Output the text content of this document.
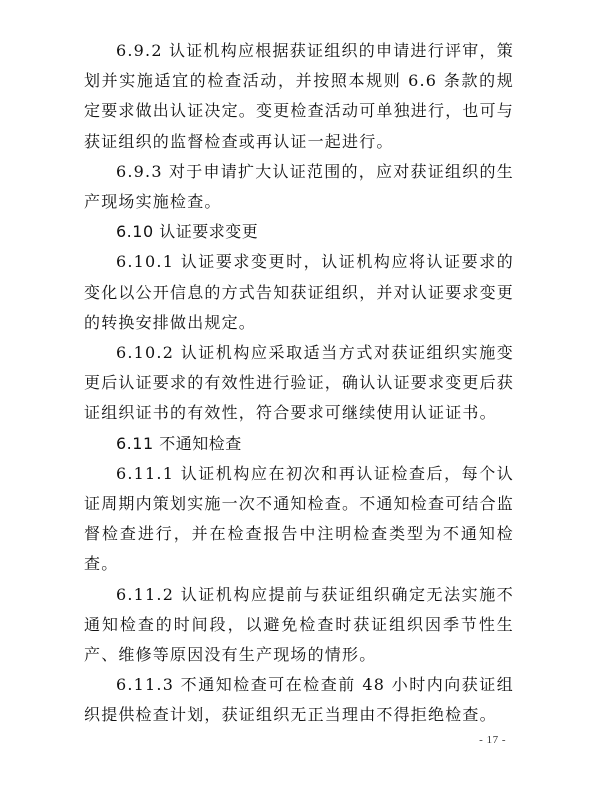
6.9.2 认证机构应根据获证组织的申请进行评审，策划并实施适宜的检查活动，并按照本规则 6.6 条款的规定要求做出认证决定。变更检查活动可单独进行，也可与获证组织的监督检查或再认证一起进行。

6.9.3 对于申请扩大认证范围的，应对获证组织的生产现场实施检查。

6.10 认证要求变更

6.10.1 认证要求变更时，认证机构应将认证要求的变化以公开信息的方式告知获证组织，并对认证要求变更的转换安排做出规定。

6.10.2 认证机构应采取适当方式对获证组织实施变更后认证要求的有效性进行验证，确认认证要求变更后获证组织证书的有效性，符合要求可继续使用认证证书。

6.11 不通知检查

6.11.1 认证机构应在初次和再认证检查后，每个认证周期内策划实施一次不通知检查。不通知检查可结合监督检查进行，并在检查报告中注明检查类型为不通知检查。

6.11.2 认证机构应提前与获证组织确定无法实施不通知检查的时间段，以避免检查时获证组织因季节性生产、维修等原因没有生产现场的情形。

6.11.3 不通知检查可在检查前 48 小时内向获证组织提供检查计划，获证组织无正当理由不得拒绝检查。

- 17 -
